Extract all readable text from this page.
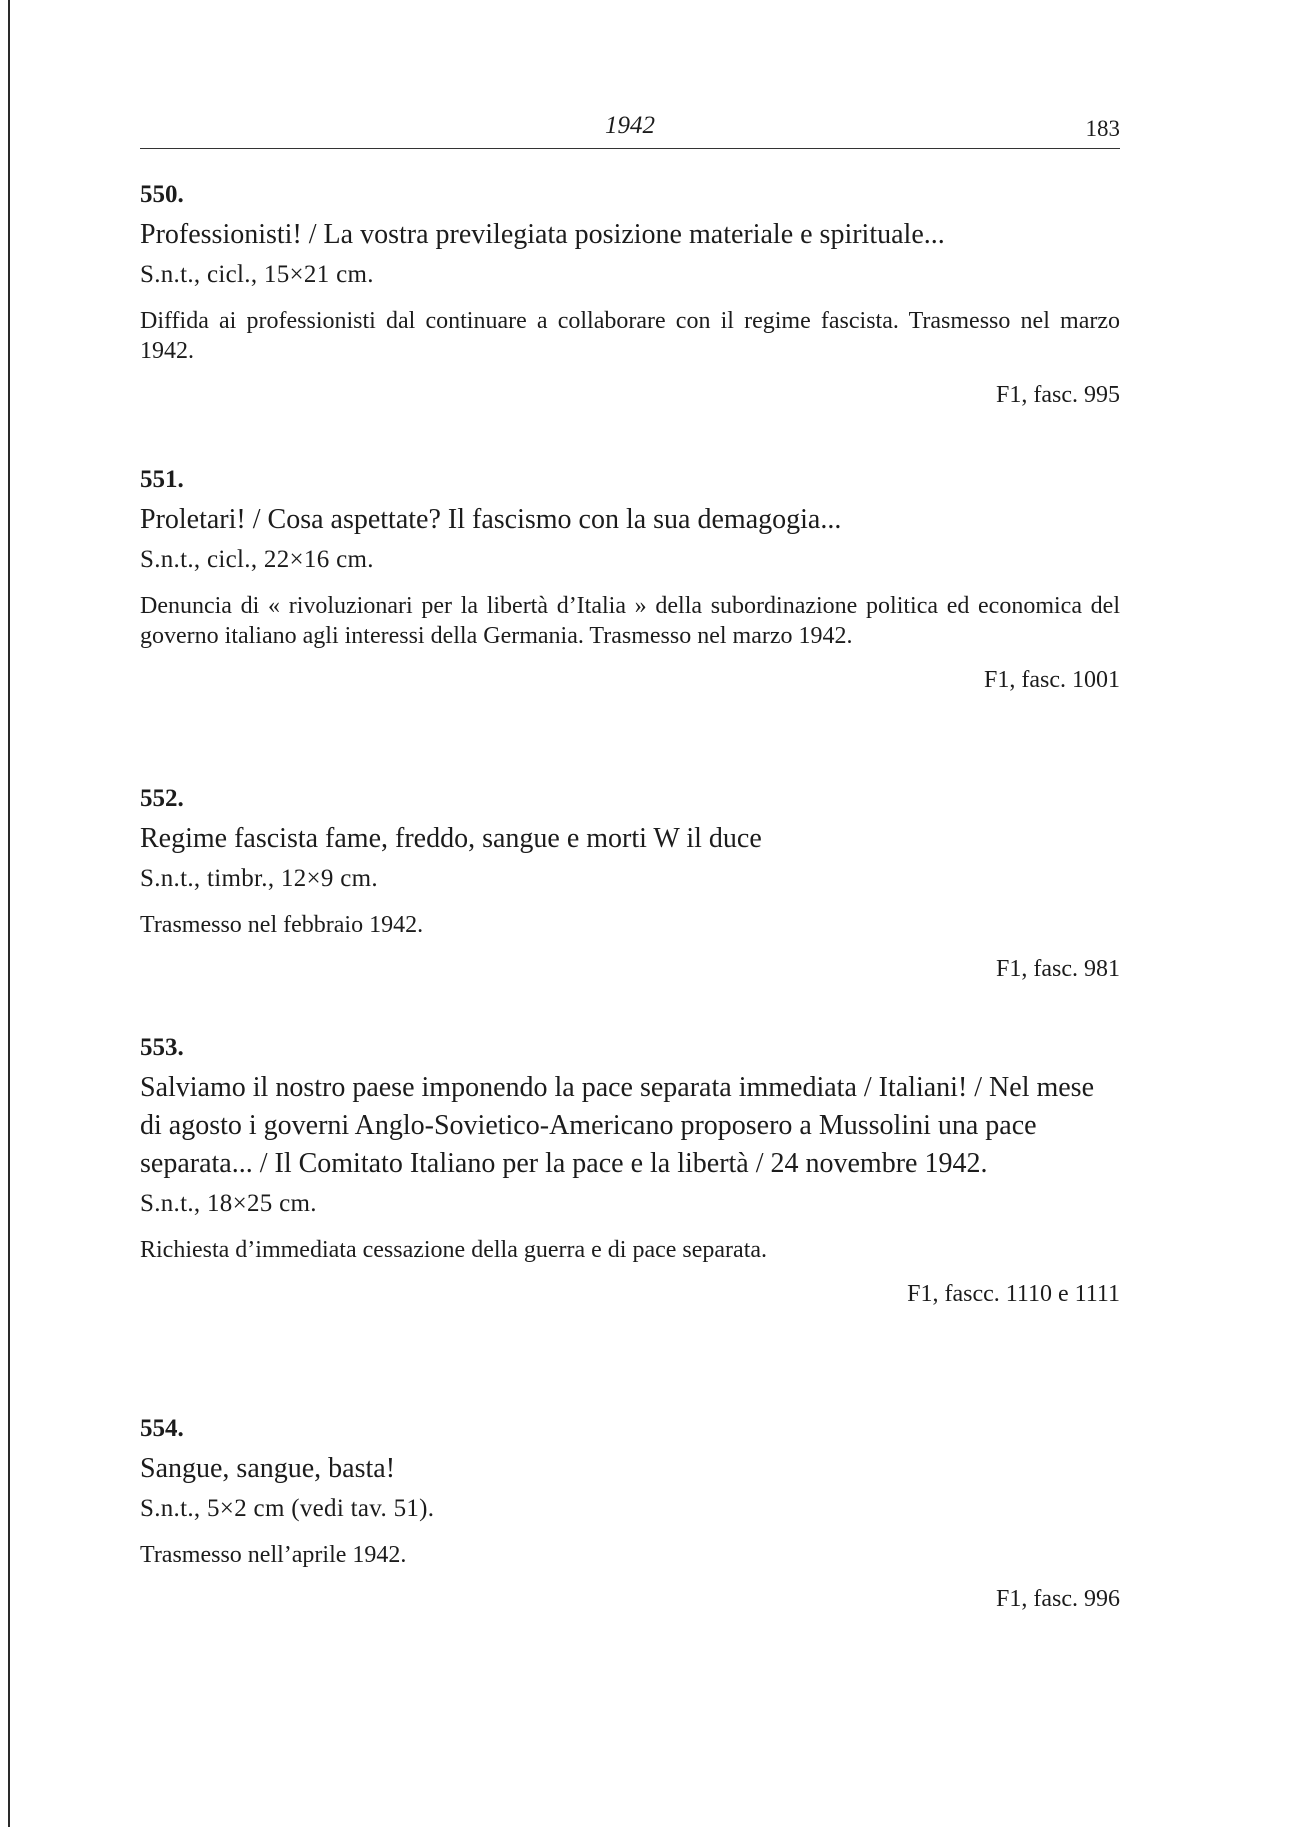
1942	183

550.

Professionisti! / La vostra previlegiata posizione materiale e spirituale...

S.n.t., cicl., 15×21 cm.

Diffida ai professionisti dal continuare a collaborare con il regime fascista. Trasmesso nel marzo 1942.

F1, fasc. 995

551.

Proletari! / Cosa aspettate? Il fascismo con la sua demagogia...

S.n.t., cicl., 22×16 cm.

Denuncia di « rivoluzionari per la libertà d’Italia » della subordinazione politica ed economica del governo italiano agli interessi della Germania. Trasmesso nel marzo 1942.

F1, fasc. 1001

552.

Regime fascista fame, freddo, sangue e morti W il duce

S.n.t., timbr., 12×9 cm.

Trasmesso nel febbraio 1942.

F1, fasc. 981

553.

Salviamo il nostro paese imponendo la pace separata immediata / Italiani! / Nel mese di agosto i governi Anglo-Sovietico-Americano proposero a Mussolini una pace separata... / Il Comitato Italiano per la pace e la libertà / 24 novembre 1942.

S.n.t., 18×25 cm.

Richiesta d’immediata cessazione della guerra e di pace separata.

F1, fascc. 1110 e 1111

554.

Sangue, sangue, basta!

S.n.t., 5×2 cm (vedi tav. 51).

Trasmesso nell’aprile 1942.

F1, fasc. 996
